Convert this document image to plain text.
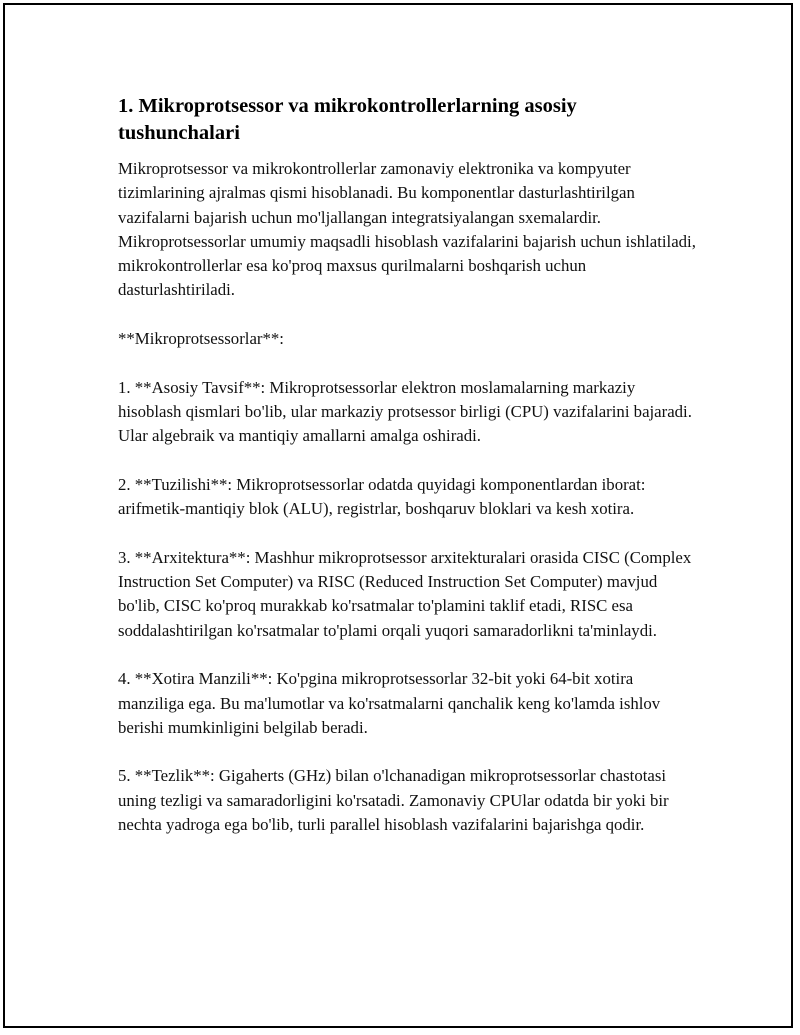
1. Mikroprotsessor va mikrokontrollerlarning asosiy tushunchalari

Mikroprotsessor va mikrokontrollerlar zamonaviy elektronika va kompyuter tizimlarining ajralmas qismi hisoblanadi. Bu komponentlar dasturlashtirilgan vazifalarni bajarish uchun mo'ljallangan integratsiyalangan sxemalardir. Mikroprotsessorlar umumiy maqsadli hisoblash vazifalarini bajarish uchun ishlatiladi, mikrokontrollerlar esa ko'proq maxsus qurilmalarni boshqarish uchun dasturlashtiriladi.

**Mikroprotsessorlar**:

1. **Asosiy Tavsif**: Mikroprotsessorlar elektron moslamalarning markaziy hisoblash qismlari bo'lib, ular markaziy protsessor birligi (CPU) vazifalarini bajaradi. Ular algebraik va mantiqiy amallarni amalga oshiradi.

2. **Tuzilishi**: Mikroprotsessorlar odatda quyidagi komponentlardan iborat: arifmetik-mantiqiy blok (ALU), registrlar, boshqaruv bloklari va kesh xotira.

3. **Arxitektura**: Mashhur mikroprotsessor arxitekturalari orasida CISC (Complex Instruction Set Computer) va RISC (Reduced Instruction Set Computer) mavjud bo'lib, CISC ko'proq murakkab ko'rsatmalar to'plamini taklif etadi, RISC esa soddalashtirilgan ko'rsatmalar to'plami orqali yuqori samaradorlikni ta'minlaydi.

4. **Xotira Manzili**: Ko'pgina mikroprotsessorlar 32-bit yoki 64-bit xotira manziliga ega. Bu ma'lumotlar va ko'rsatmalarni qanchalik keng ko'lamda ishlov berishi mumkinligini belgilab beradi.

5. **Tezlik**: Gigaherts (GHz) bilan o'lchanadigan mikroprotsessorlar chastotasi uning tezligi va samaradorligini ko'rsatadi. Zamonaviy CPUlar odatda bir yoki bir nechta yadroga ega bo'lib, turli parallel hisoblash vazifalarini bajarishga qodir.
